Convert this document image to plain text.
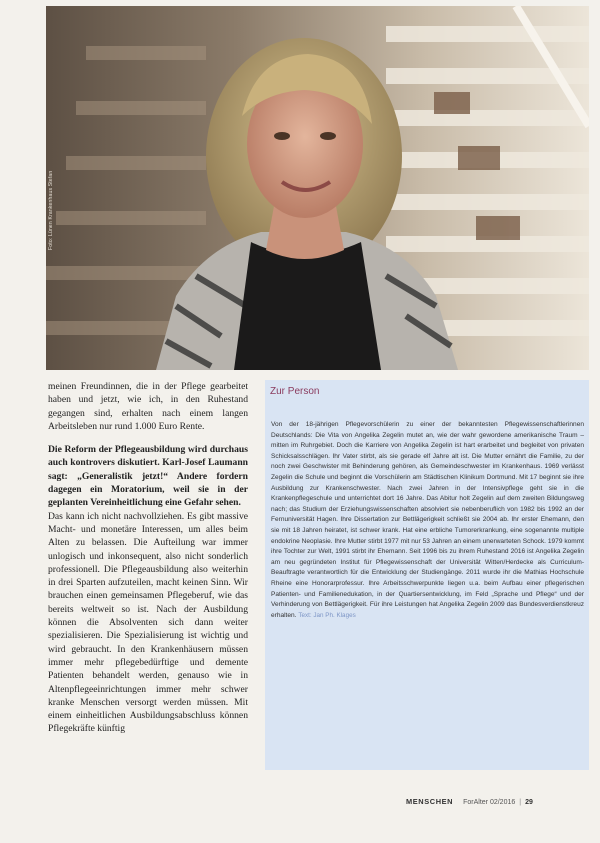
Foto: Lünen Krankenhaus Stefan

meinen Freundinnen, die in der Pflege gearbeitet haben und jetzt, wie ich, in den Ruhestand gegangen sind, erhalten nach einem langen Arbeitsleben nur rund 1.000 Euro Rente.

Die Reform der Pflegeausbildung wird durchaus auch kontrovers diskutiert. Karl-Josef Laumann sagt: „Generalistik jetzt!“ Andere fordern dagegen ein Moratorium, weil sie in der geplanten Vereinheitlichung eine Gefahr sehen.

Das kann ich nicht nachvollziehen. Es gibt massive Macht- und monetäre Interessen, um alles beim Alten zu belassen. Die Aufteilung war immer unlogisch und inkonsequent, also nicht sonderlich professionell. Die Pflegeausbildung also weiterhin in drei Sparten aufzuteilen, macht keinen Sinn. Wir brauchen einen gemeinsamen Pflegeberuf, wie das bereits weltweit so ist. Nach der Ausbildung können die Absolventen sich dann weiter spezialisieren. Die Spezialisierung ist wichtig und wird gebraucht. In den Krankenhäusern müssen immer mehr pflegebedürftige und demente Patienten behandelt werden, genauso wie in Altenpflegeeinrichtungen immer mehr schwer kranke Menschen versorgt werden müssen. Mit einem einheitlichen Ausbildungsabschluss können Pflegekräfte künftig

Zur Person

Von der 18-jährigen Pflegevorschülerin zu einer der bekanntesten Pflegewissenschaftlerinnen Deutschlands: Die Vita von Angelika Zegelin mutet an, wie der wahr gewordene amerikanische Traum – mitten im Ruhrgebiet. Doch die Karriere von Angelika Zegelin ist hart erarbeitet und begleitet von privaten Schicksalsschlägen. Ihr Vater stirbt, als sie gerade elf Jahre alt ist. Die Mutter ernährt die Familie, zu der noch zwei Geschwister mit Behinderung gehören, als Gemeindeschwester im Krankenhaus. 1969 verlässt Zegelin die Schule und beginnt die Vorschülerin am Städtischen Klinikum Dortmund. Mit 17 beginnt sie ihre Ausbildung zur Krankenschwester. Nach zwei Jahren in der Intensivpflege geht sie in die Krankenpflegeschule und unterrichtet dort 16 Jahre. Das Abitur holt Zegelin auf dem zweiten Bildungsweg nach; das Studium der Erziehungswissenschaften absolviert sie nebenberuflich von 1982 bis 1992 an der Fernuniversität Hagen. Ihre Dissertation zur Bettlägerigkeit schließt sie 2004 ab. Ihr erster Ehemann, den sie mit 18 Jahren heiratet, ist schwer krank. Hat eine erbliche Tumorerkrankung, eine sogenannte multiple endokrine Neoplasie. Ihre Mutter stirbt 1977 mit nur 53 Jahren an einem unerwarteten Schock. 1979 kommt ihre Tochter zur Welt, 1991 stirbt ihr Ehemann. Seit 1996 bis zu ihrem Ruhestand 2016 ist Angelika Zegelin am neu gegründeten Institut für Pflegewissenschaft der Universität Witten/Herdecke als Curriculum-Beauftragte verantwortlich für die Entwicklung der Studiengänge. 2011 wurde ihr die Mathias Hochschule Rheine eine Honorarprofessur. Ihre Arbeitsschwerpunkte liegen u.a. beim Aufbau einer pflegerischen Patienten- und Familienedukation, in der Quartiersentwicklung, im Feld „Sprache und Pflege“ und der Verhinderung von Bettlägerigkeit. Für ihre Leistungen hat Angelika Zegelin 2009 das Bundesverdienstkreuz erhalten. Text: Jan Ph. Klages

MENSCHEN ForAlter 02/2016 | 29
